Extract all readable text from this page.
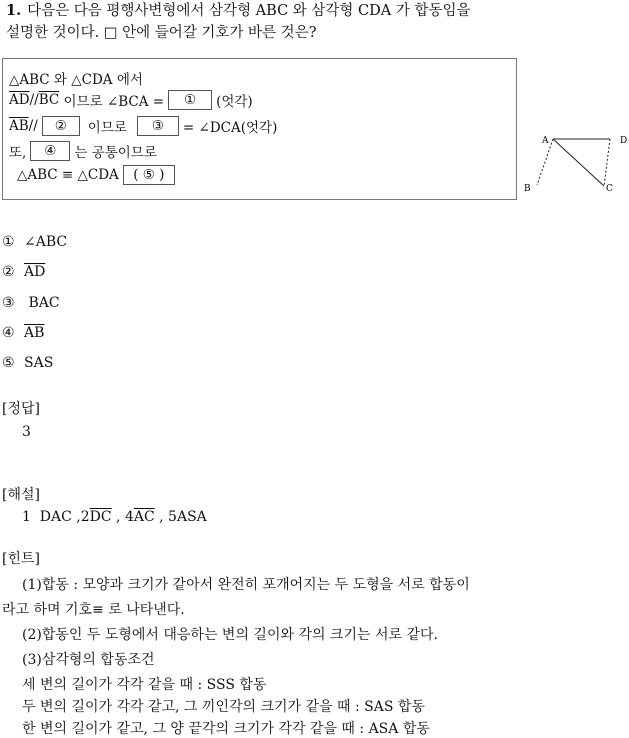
1. 다음은 다음 평행사변형에서 삼각형 ABC 와 삼각형 CDA 가 합동임을
설명한 것이다. □ 안에 들어갈 기호가 바른 것은?
△ABC 와 △CDA 에서
$\overline{AD} // \overline{BC}$ 이므로 ∠BCA =	①	(엇각)
$\overline{AB}$ //	②	이므로	③	= ∠DCA(엇각)
또,	④	는 공통이므로
△ABC ≡ △CDA	( ⑤ )
A	D
B	C
① ∠ABC
② $\overline{AD}$
③ BAC
④ $\overline{AB}$
⑤ SAS
[정답]
3
[해설]
1  DAC $,2\overline{DC}$ , $4\overline{AC}$ , 5ASA
[힌트]
(1)합동 : 모양과 크기가 같아서 완전히 포개어지는 두 도형을 서로 합동이
라고 하며 기호≡ 로 나타낸다.
(2)합동인 두 도형에서 대응하는 변의 길이와 각의 크기는 서로 같다.
(3)삼각형의 합동조건
세 변의 길이가 각각 같을 때 : SSS 합동
두 변의 길이가 각각 같고, 그 끼인각의 크기가 같을 때 : SAS 합동
한 변의 길이가 같고, 그 양 끝각의 크기가 각각 같을 때 : ASA 합동
